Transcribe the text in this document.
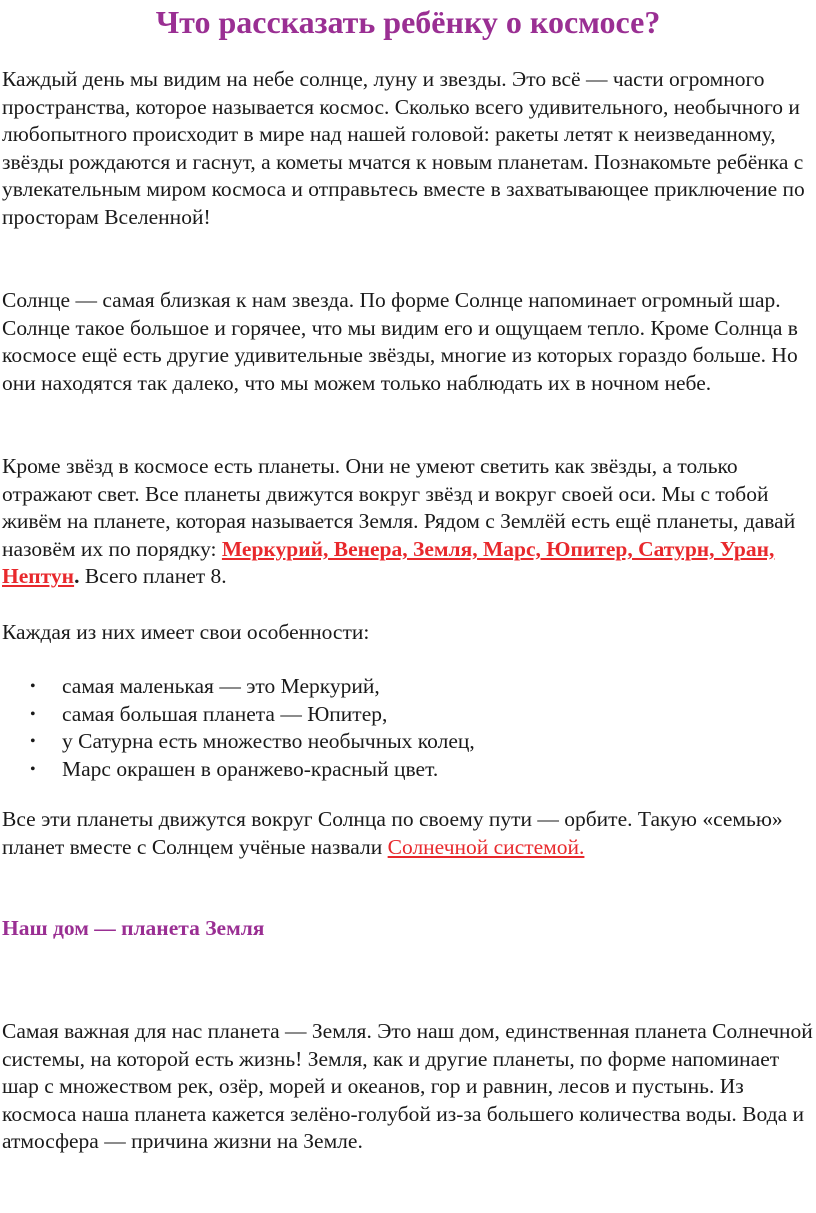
Что рассказать ребёнку о космосе?

Каждый день мы видим на небе солнце, луну и звезды. Это всё — части огромного пространства, которое называется космос. Сколько всего удивительного, необычного и любопытного происходит в мире над нашей головой: ракеты летят к неизведанному, звёзды рождаются и гаснут, а кометы мчатся к новым планетам. Познакомьте ребёнка с увлекательным миром космоса и отправьтесь вместе в захватывающее приключение по просторам Вселенной!

Солнце — самая близкая к нам звезда. По форме Солнце напоминает огромный шар. Солнце такое большое и горячее, что мы видим его и ощущаем тепло. Кроме Солнца в космосе ещё есть другие удивительные звёзды, многие из которых гораздо больше. Но они находятся так далеко, что мы можем только наблюдать их в ночном небе.

Кроме звёзд в космосе есть планеты. Они не умеют светить как звёзды, а только отражают свет. Все планеты движутся вокруг звёзд и вокруг своей оси. Мы с тобой живём на планете, которая называется Земля. Рядом с Землёй есть ещё планеты, давай назовём их по порядку: Меркурий, Венера, Земля, Марс, Юпитер, Сатурн, Уран, Нептун. Всего планет 8.

Каждая из них имеет свои особенности:

• самая маленькая — это Меркурий,
• самая большая планета — Юпитер,
• у Сатурна есть множество необычных колец,
• Марс окрашен в оранжево-красный цвет.

Все эти планеты движутся вокруг Солнца по своему пути — орбите. Такую «семью» планет вместе с Солнцем учёные назвали Солнечной системой.

Наш дом — планета Земля

Самая важная для нас планета — Земля. Это наш дом, единственная планета Солнечной системы, на которой есть жизнь! Земля, как и другие планеты, по форме напоминает шар с множеством рек, озёр, морей и океанов, гор и равнин, лесов и пустынь. Из космоса наша планета кажется зелёно-голубой из-за большего количества воды. Вода и атмосфера — причина жизни на Земле.
